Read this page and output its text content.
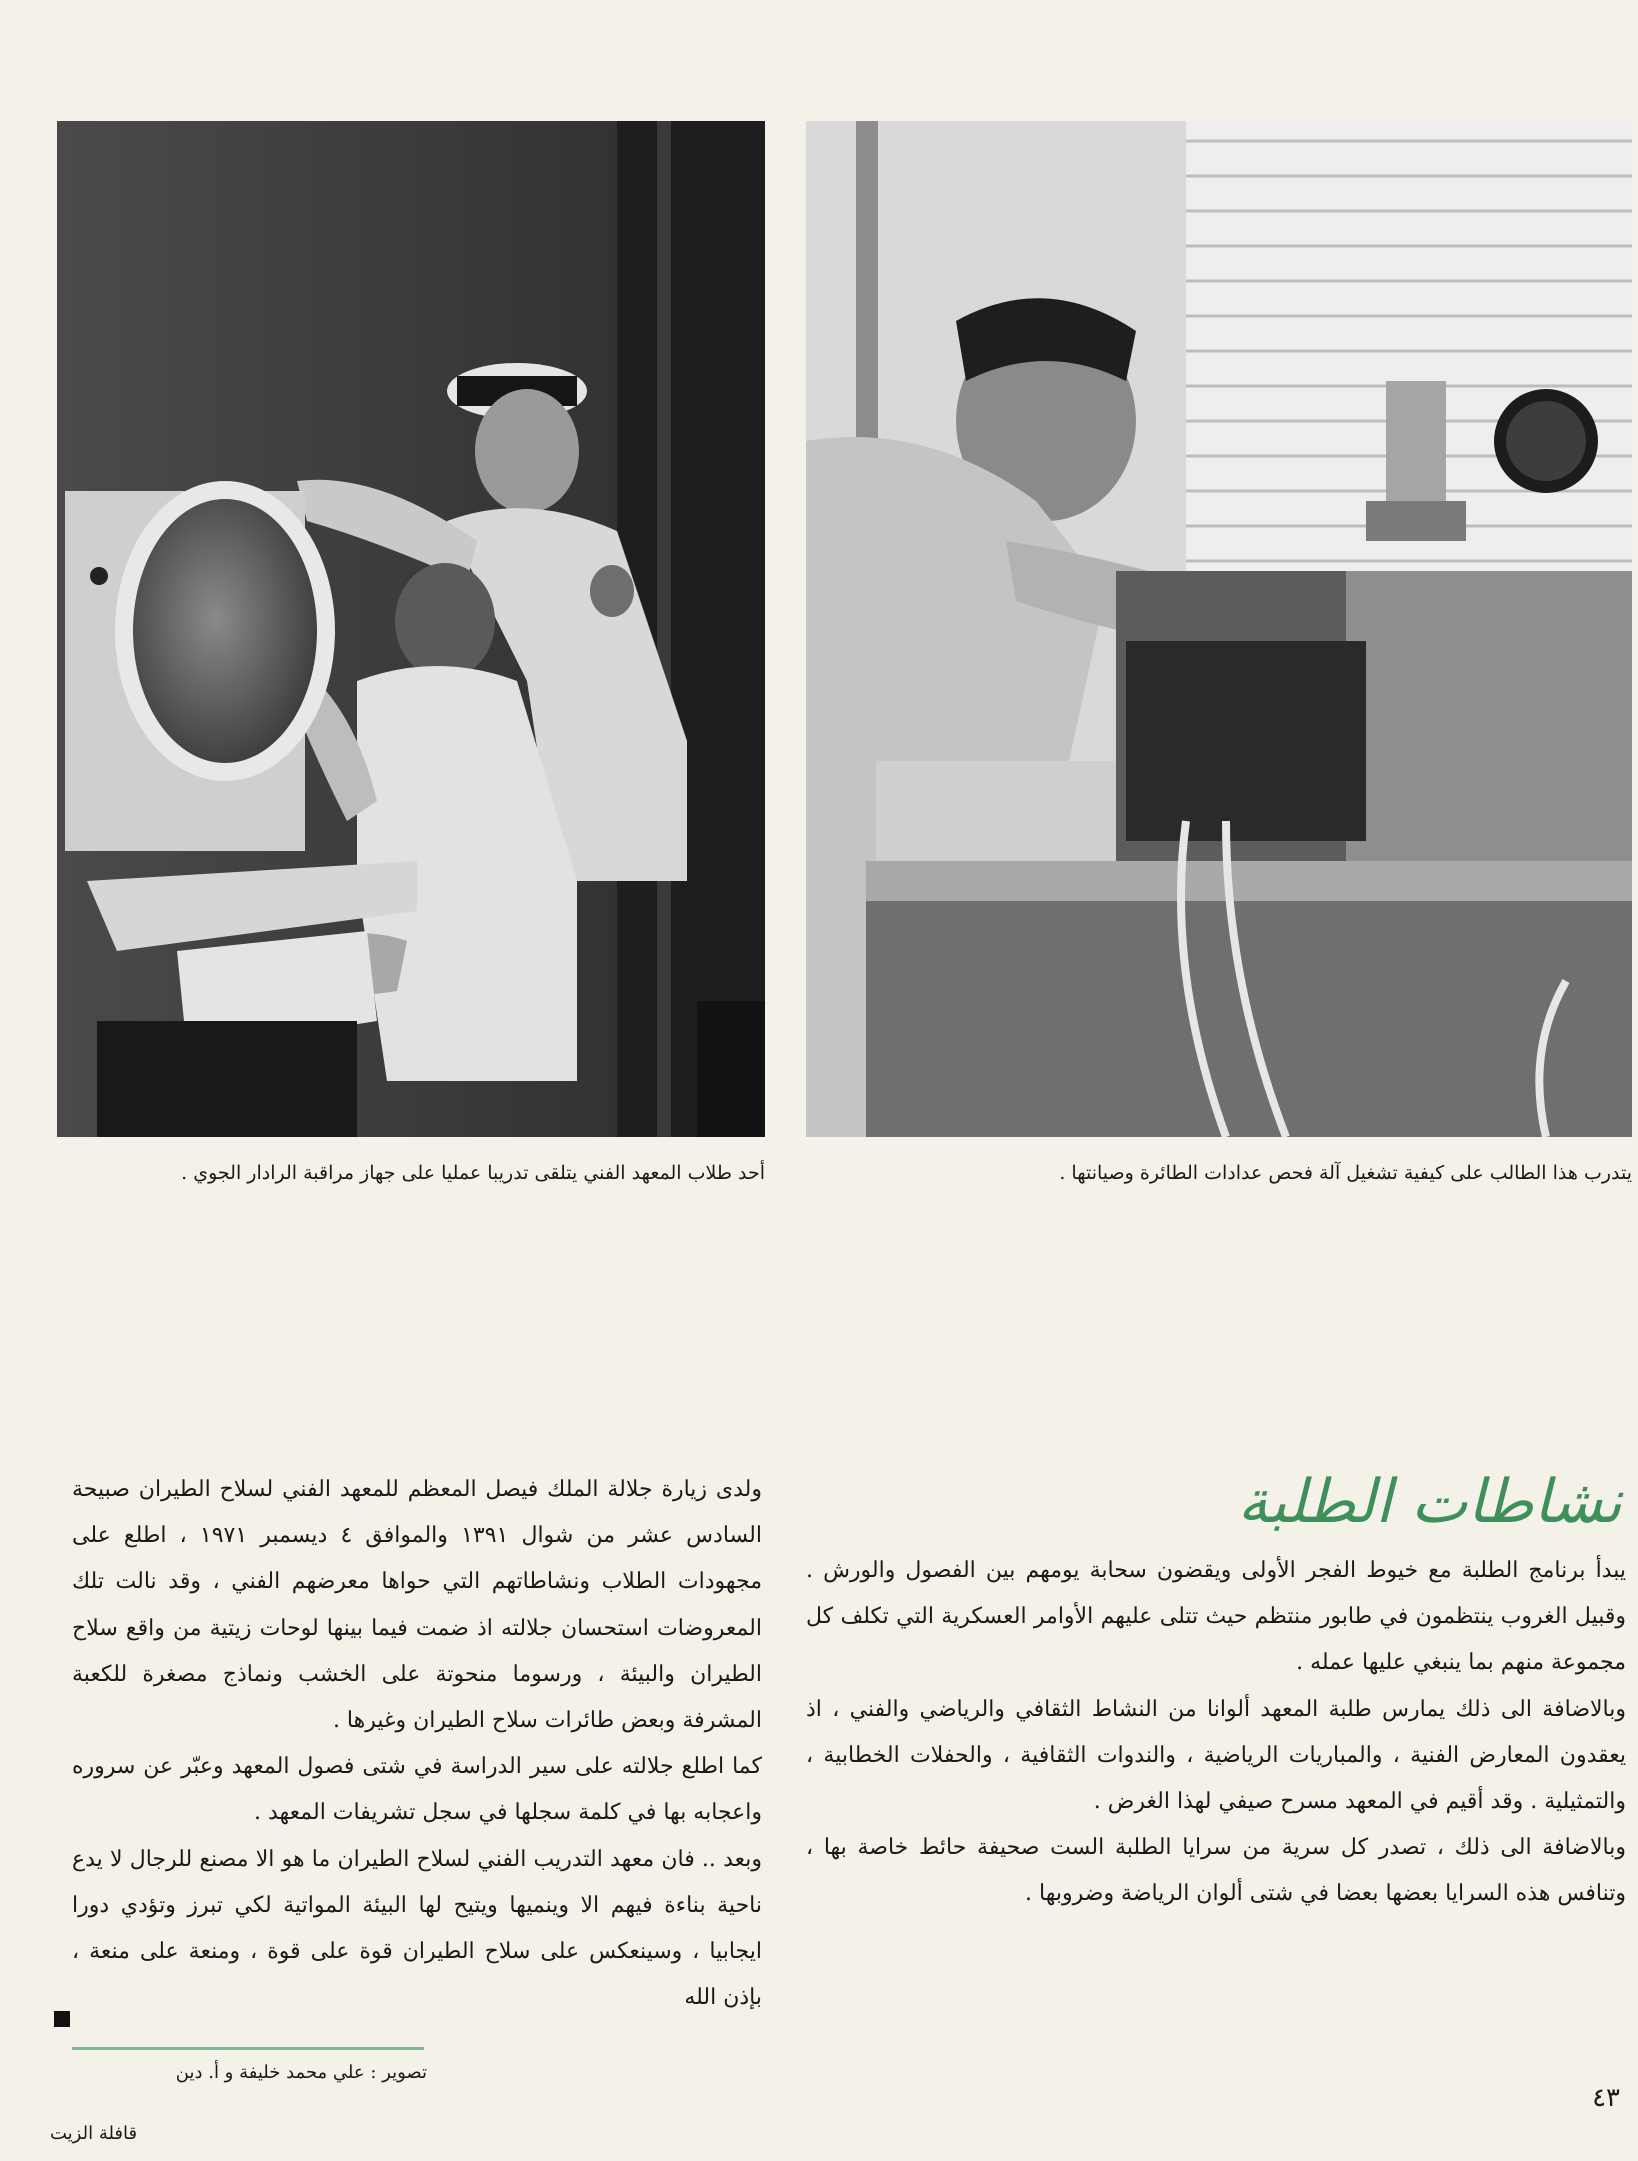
أحد طلاب المعهد الفني يتلقى تدريبا عمليا على جهاز مراقبة الرادار الجوي .	يتدرب هذا الطالب على كيفية تشغيل آلة فحص عدادات الطائرة وصيانتها .
نشاطات الطلبة

يبدأ برنامج الطلبة مع خيوط الفجر الأولى ويقضون سحابة يومهم بين الفصول والورش . وقبيل الغروب ينتظمون في طابور منتظم حيث تتلى عليهم الأوامر العسكرية التي تكلف كل مجموعة منهم بما ينبغي عليها عمله .

وبالاضافة الى ذلك يمارس طلبة المعهد ألوانا من النشاط الثقافي والرياضي والفني ، اذ يعقدون المعارض الفنية ، والمباريات الرياضية ، والندوات الثقافية ، والحفلات الخطابية ، والتمثيلية . وقد أقيم في المعهد مسرح صيفي لهذا الغرض .

وبالاضافة الى ذلك ، تصدر كل سرية من سرايا الطلبة الست صحيفة حائط خاصة بها ، وتنافس هذه السرايا بعضها بعضا في شتى ألوان الرياضة وضروبها .

ولدى زيارة جلالة الملك فيصل المعظم للمعهد الفني لسلاح الطيران صبيحة السادس عشر من شوال ١٣٩١ والموافق ٤ ديسمبر ١٩٧١ ، اطلع على مجهودات الطلاب ونشاطاتهم التي حواها معرضهم الفني ، وقد نالت تلك المعروضات استحسان جلالته اذ ضمت فيما بينها لوحات زيتية من واقع سلاح الطيران والبيئة ، ورسوما منحوتة على الخشب ونماذج مصغرة للكعبة المشرفة وبعض طائرات سلاح الطيران وغيرها .

كما اطلع جلالته على سير الدراسة في شتى فصول المعهد وعبّر عن سروره واعجابه بها في كلمة سجلها في سجل تشريفات المعهد .

وبعد .. فان معهد التدريب الفني لسلاح الطيران ما هو الا مصنع للرجال لا يدع ناحية بناءة فيهم الا وينميها ويتيح لها البيئة المواتية لكي تبرز وتؤدي دورا ايجابيا ، وسينعكس على سلاح الطيران قوة على قوة ، ومنعة على منعة ، بإذن الله

تصوير : علي محمد خليفة و أ. دين
٤٣
قافلة الزيت
